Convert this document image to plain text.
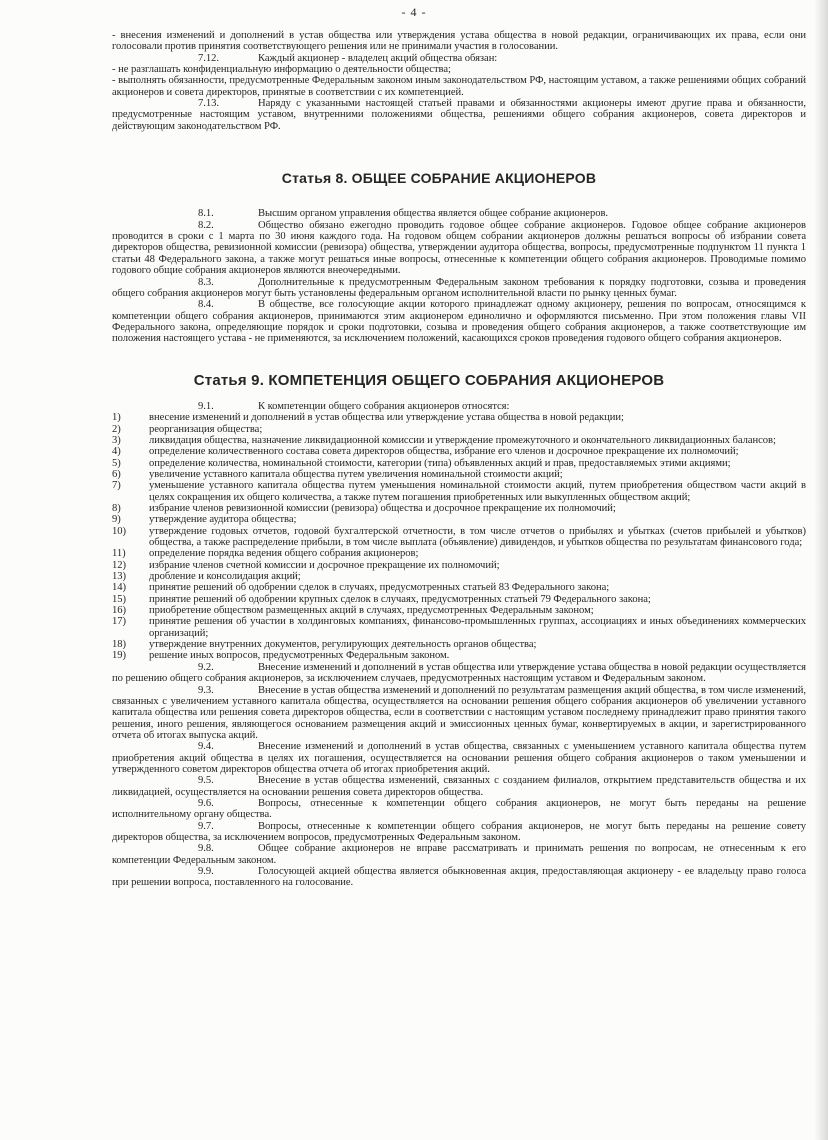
- 4 -

- внесения изменений и дополнений в устав общества или утверждения устава общества в новой редакции, ограничивающих их права, если они голосовали против принятия соответствующего решения или не принимали участия в голосовании.

7.12.	Каждый акционер - владелец акций общества обязан:

- не разглашать конфиденциальную информацию о деятельности общества;

- выполнять обязанности, предусмотренные Федеральным законом иным законодательством РФ, настоящим уставом, а также решениями общих собраний акционеров и совета директоров, принятые в соответствии с их компетенцией.

7.13.	Наряду с указанными настоящей статьей правами и обязанностями акционеры имеют другие права и обязанности, предусмотренные настоящим уставом, внутренними положениями общества, решениями общего собрания акционеров, совета директоров и действующим законодательством РФ.

Статья 8. ОБЩЕЕ СОБРАНИЕ АКЦИОНЕРОВ

8.1.	Высшим органом управления общества является общее собрание акционеров.

8.2.	Общество обязано ежегодно проводить годовое общее собрание акционеров. Годовое общее собрание акционеров проводится в сроки с 1 марта по 30 июня каждого года. На годовом общем собрании акционеров должны решаться вопросы об избрании совета директоров общества, ревизионной комиссии (ревизора) общества, утверждении аудитора общества, вопросы, предусмотренные подпунктом 11 пункта 1 статьи 48 Федерального закона, а также могут решаться иные вопросы, отнесенные к компетенции общего собрания акционеров. Проводимые помимо годового общие собрания акционеров являются внеочередными.

8.3.	Дополнительные к предусмотренным Федеральным законом требования к порядку подготовки, созыва и проведения общего собрания акционеров могут быть установлены федеральным органом исполнительной власти по рынку ценных бумаг.

8.4.	В обществе, все голосующие акции которого принадлежат одному акционеру, решения по вопросам, относящимся к компетенции общего собрания акционеров, принимаются этим акционером единолично и оформляются письменно. При этом положения главы VII Федерального закона, определяющие порядок и сроки подготовки, созыва и проведения общего собрания акционеров, а также соответствующие им положения настоящего устава - не применяются, за исключением положений, касающихся сроков проведения годового общего собрания акционеров.

Статья 9. КОМПЕТЕНЦИЯ ОБЩЕГО СОБРАНИЯ АКЦИОНЕРОВ

9.1.	К компетенции общего собрания акционеров относятся:

1)	внесение изменений и дополнений в устав общества или утверждение устава общества в новой редакции;
2)	реорганизация общества;
3)	ликвидация общества, назначение ликвидационной комиссии и утверждение промежуточного и окончательного ликвидационных балансов;
4)	определение количественного состава совета директоров общества, избрание его членов и досрочное прекращение их полномочий;
5)	определение количества, номинальной стоимости, категории (типа) объявленных акций и прав, предоставляемых этими акциями;
6)	увеличение уставного капитала общества путем увеличения номинальной стоимости акций;
7)	уменьшение уставного капитала общества путем уменьшения номинальной стоимости акций, путем приобретения обществом части акций в целях сокращения их общего количества, а также путем погашения приобретенных или выкупленных обществом акций;
8)	избрание членов ревизионной комиссии (ревизора) общества и досрочное прекращение их полномочий;
9)	утверждение аудитора общества;
10)	утверждение годовых отчетов, годовой бухгалтерской отчетности, в том числе отчетов о прибылях и убытках (счетов прибылей и убытков) общества, а также распределение прибыли, в том числе выплата (объявление) дивидендов, и убытков общества по результатам финансового года;
11)	определение порядка ведения общего собрания акционеров;
12)	избрание членов счетной комиссии и досрочное прекращение их полномочий;
13)	дробление и консолидация акций;
14)	принятие решений об одобрении сделок в случаях, предусмотренных статьей 83 Федерального закона;
15)	принятие решений об одобрении крупных сделок в случаях, предусмотренных статьей 79 Федерального закона;
16)	приобретение обществом размещенных акций в случаях, предусмотренных Федеральным законом;
17)	принятие решения об участии в холдинговых компаниях, финансово-промышленных группах, ассоциациях и иных объединениях коммерческих организаций;
18)	утверждение внутренних документов, регулирующих деятельность органов общества;
19)	решение иных вопросов, предусмотренных Федеральным законом.

9.2.	Внесение изменений и дополнений в устав общества или утверждение устава общества в новой редакции осуществляется по решению общего собрания акционеров, за исключением случаев, предусмотренных настоящим уставом и Федеральным законом.

9.3.	Внесение в устав общества изменений и дополнений по результатам размещения акций общества, в том числе изменений, связанных с увеличением уставного капитала общества, осуществляется на основании решения общего собрания акционеров об увеличении уставного капитала общества или решения совета директоров общества, если в соответствии с настоящим уставом последнему принадлежит право принятия такого решения, иного решения, являющегося основанием размещения акций и эмиссионных ценных бумаг, конвертируемых в акции, и зарегистрированного отчета об итогах выпуска акций.

9.4.	Внесение изменений и дополнений в устав общества, связанных с уменьшением уставного капитала общества путем приобретения акций общества в целях их погашения, осуществляется на основании решения общего собрания акционеров о таком уменьшении и утвержденного советом директоров общества отчета об итогах приобретения акций.

9.5.	Внесение в устав общества изменений, связанных с созданием филиалов, открытием представительств общества и их ликвидацией, осуществляется на основании решения совета директоров общества.

9.6.	Вопросы, отнесенные к компетенции общего собрания акционеров, не могут быть переданы на решение исполнительному органу общества.

9.7.	Вопросы, отнесенные к компетенции общего собрания акционеров, не могут быть переданы на решение совету директоров общества, за исключением вопросов, предусмотренных Федеральным законом.

9.8.	Общее собрание акционеров не вправе рассматривать и принимать решения по вопросам, не отнесенным к его компетенции Федеральным законом.

9.9.	Голосующей акцией общества является обыкновенная акция, предоставляющая акционеру - ее владельцу право голоса при решении вопроса, поставленного на голосование.
